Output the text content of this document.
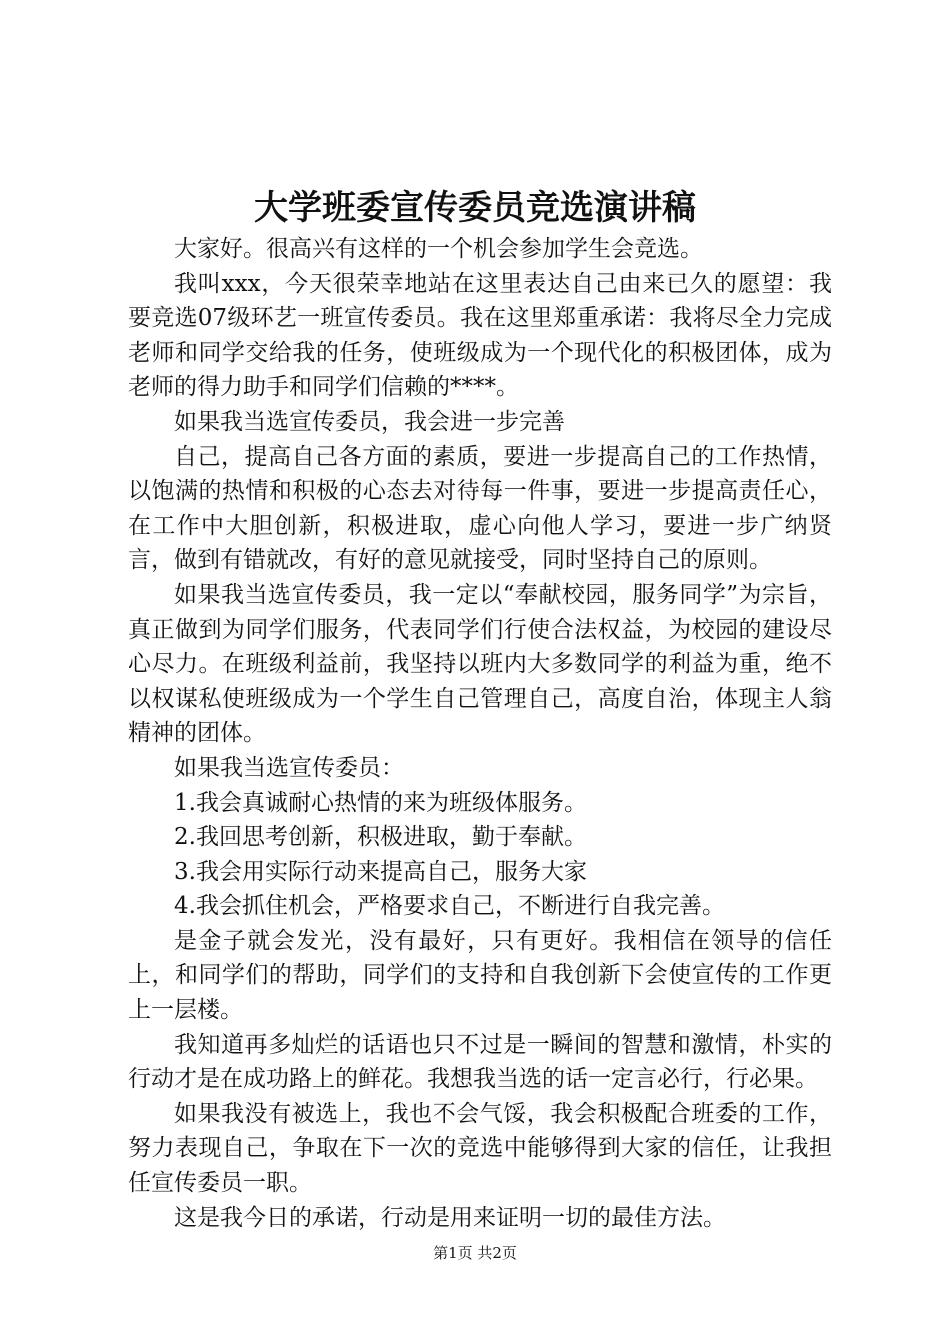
大学班委宣传委员竞选演讲稿

大家好。很高兴有这样的一个机会参加学生会竞选。

我叫xxx，今天很荣幸地站在这里表达自己由来已久的愿望：我要竞选07级环艺一班宣传委员。我在这里郑重承诺：我将尽全力完成老师和同学交给我的任务，使班级成为一个现代化的积极团体，成为老师的得力助手和同学们信赖的****。

如果我当选宣传委员，我会进一步完善

自己，提高自己各方面的素质，要进一步提高自己的工作热情，以饱满的热情和积极的心态去对待每一件事，要进一步提高责任心，在工作中大胆创新，积极进取，虚心向他人学习，要进一步广纳贤言，做到有错就改，有好的意见就接受，同时坚持自己的原则。

如果我当选宣传委员，我一定以“奉献校园，服务同学”为宗旨，真正做到为同学们服务，代表同学们行使合法权益，为校园的建设尽心尽力。在班级利益前，我坚持以班内大多数同学的利益为重，绝不以权谋私使班级成为一个学生自己管理自己，高度自治，体现主人翁精神的团体。

如果我当选宣传委员：

1.我会真诚耐心热情的来为班级体服务。

2.我回思考创新，积极进取，勤于奉献。

3.我会用实际行动来提高自己，服务大家

4.我会抓住机会，严格要求自己，不断进行自我完善。

是金子就会发光，没有最好，只有更好。我相信在领导的信任上，和同学们的帮助，同学们的支持和自我创新下会使宣传的工作更上一层楼。

我知道再多灿烂的话语也只不过是一瞬间的智慧和激情，朴实的行动才是在成功路上的鲜花。我想我当选的话一定言必行，行必果。

如果我没有被选上，我也不会气馁，我会积极配合班委的工作，努力表现自己，争取在下一次的竞选中能够得到大家的信任，让我担任宣传委员一职。

这是我今日的承诺，行动是用来证明一切的最佳方法。

第1页 共2页
